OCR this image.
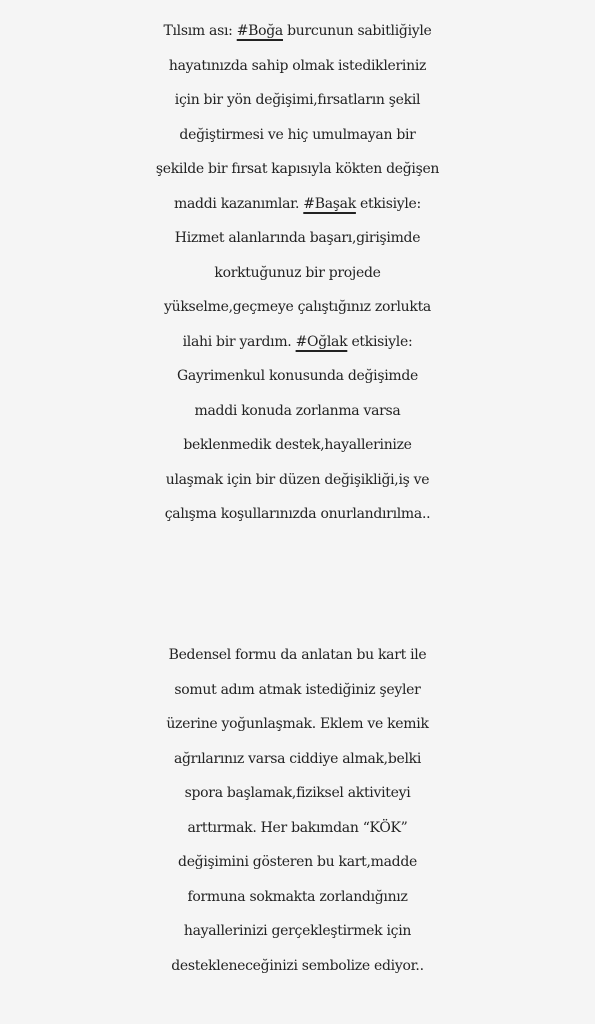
Tılsım ası: #Boğa burcunun sabitliğiyle
hayatınızda sahip olmak istedikleriniz
için bir yön değişimi,fırsatların şekil
değiştirmesi ve hiç umulmayan bir
şekilde bir fırsat kapısıyla kökten değişen
maddi kazanımlar. #Başak etkisiyle:
Hizmet alanlarında başarı,girişimde
korktuğunuz bir projede
yükselme,geçmeye çalıştığınız zorlukta
ilahi bir yardım. #Oğlak etkisiyle:
Gayrimenkul konusunda değişimde
maddi konuda zorlanma varsa
beklenmedik destek,hayallerinize
ulaşmak için bir düzen değişikliği,iş ve
çalışma koşullarınızda onurlandırılma..
Bedensel formu da anlatan bu kart ile
somut adım atmak istediğiniz şeyler
üzerine yoğunlaşmak. Eklem ve kemik
ağrılarınız varsa ciddiye almak,belki
spora başlamak,fiziksel aktiviteyi
arttırmak. Her bakımdan “KÖK”
değişimini gösteren bu kart,madde
formuna sokmakta zorlandığınız
hayallerinizi gerçekleştirmek için
destekleneceğinizi sembolize ediyor..
